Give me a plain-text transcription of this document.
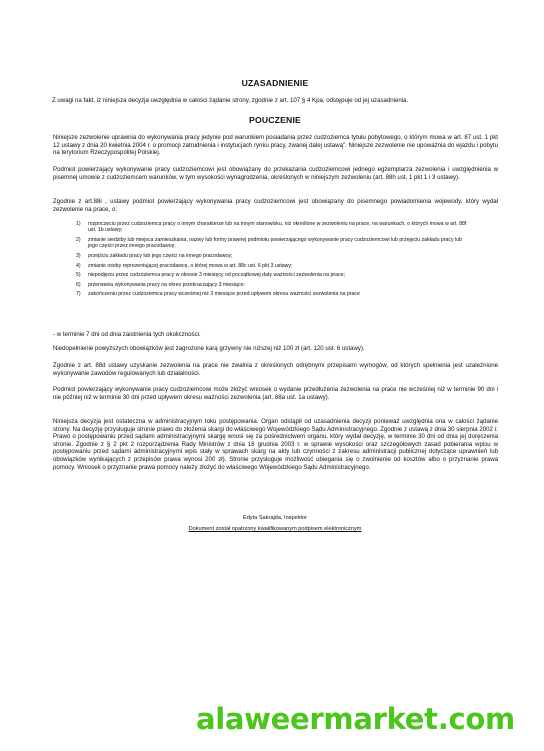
UZASADNIENIE

Z uwagi na fakt, iż niniejsza decyzja uwzględnia w całości żądanie strony, zgodnie z art. 107 § 4 Kpa, odstępuje od jej uzasadnienia.

POUCZENIE

Niniejsze zezwolenie uprawnia do wykonywania pracy jedynie pod warunkiem posiadania przez cudzoziemca tytułu pobytowego, o którym mowa w art. 87 ust. 1 pkt 12 ustawy z dnia 20 kwietnia 2004 r. o promocji zatrudnienia i instytucjach rynku pracy, zwanej dalej ustawą". Niniejsze zezwolenie nie upoważnia do wjazdu i pobytu na terytorium Rzeczypospolitej Polskiej.

Podmiot powierzający wykonywanie pracy cudzoziemcowi jest obowiązany do przekazania cudzoziemcowi jednego egzemplarza zezwolenia i uwzględnienia w pisemnej umowie z cudzoziemcem warunków, w tym wysokości wynagrodzenia, określonych w niniejszym zezwoleniu (art. 88h ust. 1 pkt 1 i 3 ustawy).

Zgodnie z art.88i , ustawy podmiot powierzający wykonywania pracy cudzoziemcowi jest obowiązany do pisemnego powiadomienia wojewody, który wydał zezwolenie na prace, o:

1) rozpoczęciu przez cudzoziemca pracy o innym charakterze lub na innym stanowisku, niż określone w zezwoleniu na prace, na warunkach, o których mowa w art. 88f ust. 1b ustawy;
2) zmianie siedziby lub miejsca zamieszkania, nazwy lub formy prawnej podmiotu powierzającego wykonywanie pracy cudzoziemcowi lub przejęciu zakładu pracy lub jego części przez innego pracodawcę;
3) przejściu zakładu pracy lub jego części na innego pracodawcę;
4) zmianie osoby reprezentującej pracodawcę, o której mowa w art. 88c ust. 6 pkt 3 ustawy;
5) niepodjęciu przez cudzoziemca pracy w okresie 3 miesięcy od początkowej daty ważności zezwolenia na prace;
6) przerwaniu wykonywania pracy na okres przekraczający 3 miesiące;
7) zakończeniu przez cudzoziemca pracy wcześniej niż 3 miesiące przed upływem okresu ważności zezwolenia na prace

- w terminie 7 dni od dnia zaistnienia tych okoliczności.

Niedopełnienie powyższych obowiązków jest zagrożone karą grzywny nie niższej niż 100 zł (art. 120 ust. 6 ustawy).

Zgodnie z art. 88d ustawy uzyskanie zezwolenia na prace nie zwalnia z określonych odrębnymi przepisami wymogów, od których spełnienia jest uzależnione wykonywanie zawodów regulowanych lub działalności.

Podmiot powierzający wykonywanie pracy cudzoziemcowi może złożyć wniosek o wydanie przedłużenia zezwolenia na prace nie wcześniej niż w terminie 90 dni i nie później niż w terminie 30 dni przed upływem okresu ważności zezwolenia (art. 88a ust. 1a ustawy).

Niniejsza decyzja jest ostateczna w administracyjnym toku postępowania. Organ odstąpił od uzasadnienia decyzji ponieważ uwzględnia ona w całości żądanie strony. Na decyzję przysługuje stronie prawo do złożenia skargi do właściwego Wojewódzkiego Sądu Administracyjnego. Zgodnie z ustawą z dnia 30 sierpnia 2002 r. Prawo o postępowaniu przed sądami administracyjnymi skargę wnosi się za pośrednictwem organu, który wydał decyzję, w terminie 30 dni od dnia jej doręczenia stronie. Zgodnie z § 2 pkt 2 rozporządzenia Rady Ministrów z dnia 16 grudnia 2003 r. w sprawie wysokości oraz szczegółowych zasad pobierania wpisu w postępowaniu przed sądami administracyjnymi wpis stały w sprawach skarg na akty lub czynności z zakresu administracji publicznej dotyczące uprawnień lub obowiązków wynikających z przepisów prawa wynosi 200 zł). Stronie przysługuje możliwość ubiegania się o zwolnienie od kosztów albo o przyznanie prawa pomocy. Wniosek o przyznanie prawa pomocy należy złożyć do właściwego Wojewódzkiego Sądu Administracyjnego.

Edyta Sakrajda, Inspektor
Dokument został opatrzony kwalifikowanym podpisem elektronicznym
alaweermarket.com
